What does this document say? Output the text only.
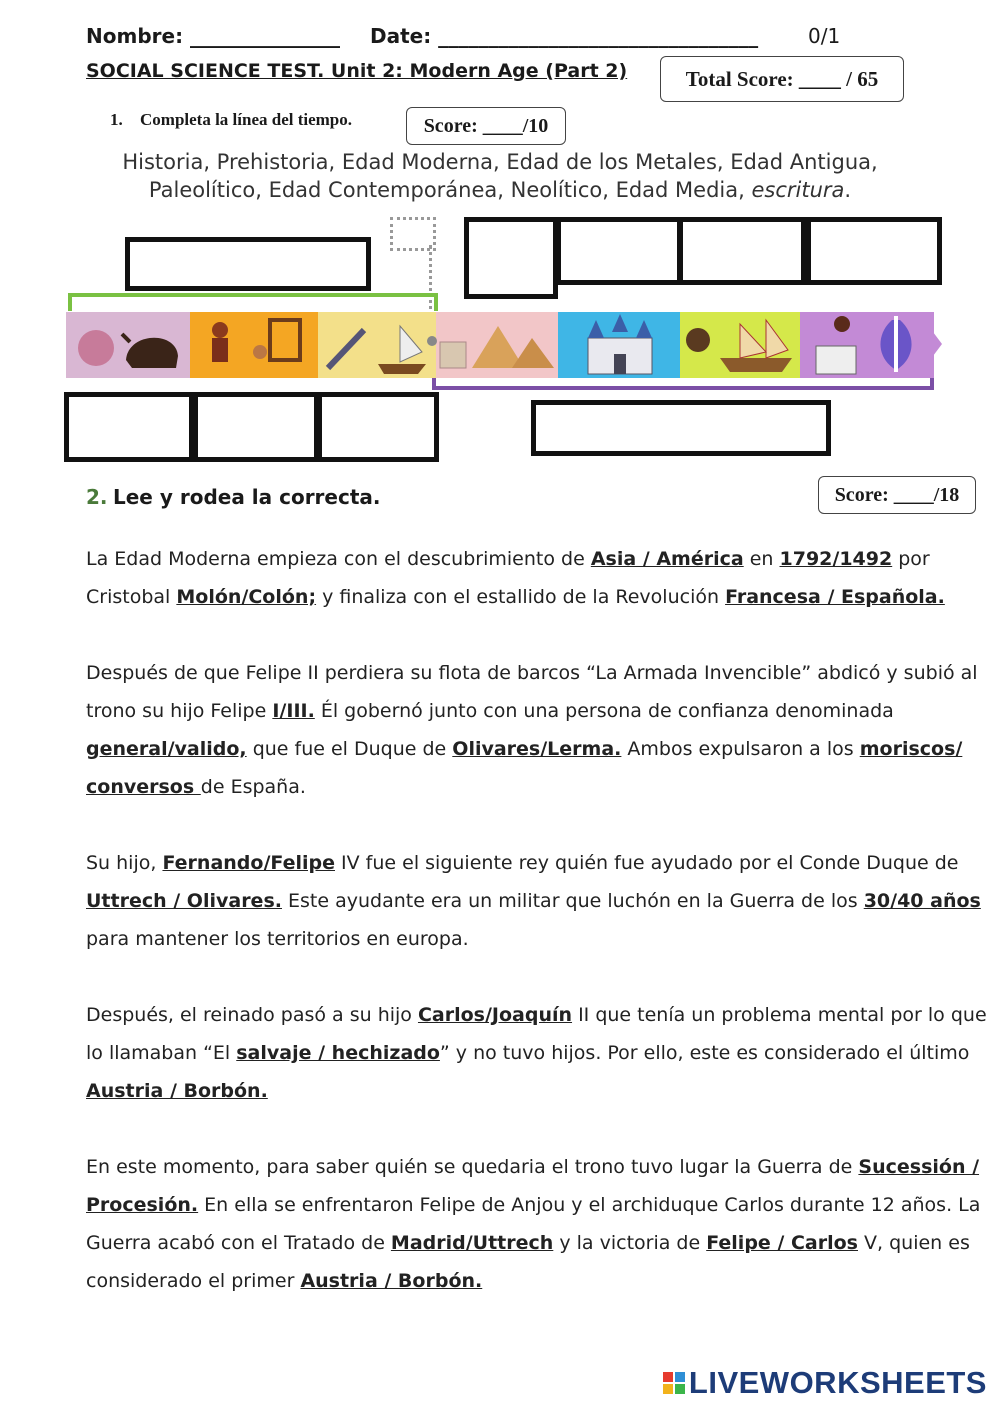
Nombre: _______________ Date: ________________________________ 0/1
SOCIAL SCIENCE TEST. Unit 2: Modern Age (Part 2)	Total Score: ____ / 65
1. Completa la línea del tiempo.	Score: ____/10
Historia, Prehistoria, Edad Moderna, Edad de los Metales, Edad Antigua,
Paleolítico, Edad Contemporánea, Neolítico, Edad Media, escritura.
2. Lee y rodea la correcta.	Score: ____/18
La Edad Moderna empieza con el descubrimiento de Asia / América en 1792/1492 por Cristobal Molón/Colón; y finaliza con el estallido de la Revolución Francesa / Española.
Después de que Felipe II perdiera su flota de barcos “La Armada Invencible” abdicó y subió al trono su hijo Felipe I/III. Él gobernó junto con una persona de confianza denominada general/valido, que fue el Duque de Olivares/Lerma. Ambos expulsaron a los moriscos/ conversos de España.
Su hijo, Fernando/Felipe IV fue el siguiente rey quién fue ayudado por el Conde Duque de Uttrech / Olivares. Este ayudante era un militar que luchón en la Guerra de los 30/40 años para mantener los territorios en europa.
Después, el reinado pasó a su hijo Carlos/Joaquín II que tenía un problema mental por lo que lo llamaban “El salvaje / hechizado” y no tuvo hijos. Por ello, este es considerado el último Austria / Borbón.
En este momento, para saber quién se quedaria el trono tuvo lugar la Guerra de Sucessión / Procesión. En ella se enfrentaron Felipe de Anjou y el archiduque Carlos durante 12 años. La Guerra acabó con el Tratado de Madrid/Uttrech y la victoria de Felipe / Carlos V, quien es considerado el primer Austria / Borbón.
LIVEWORKSHEETS
